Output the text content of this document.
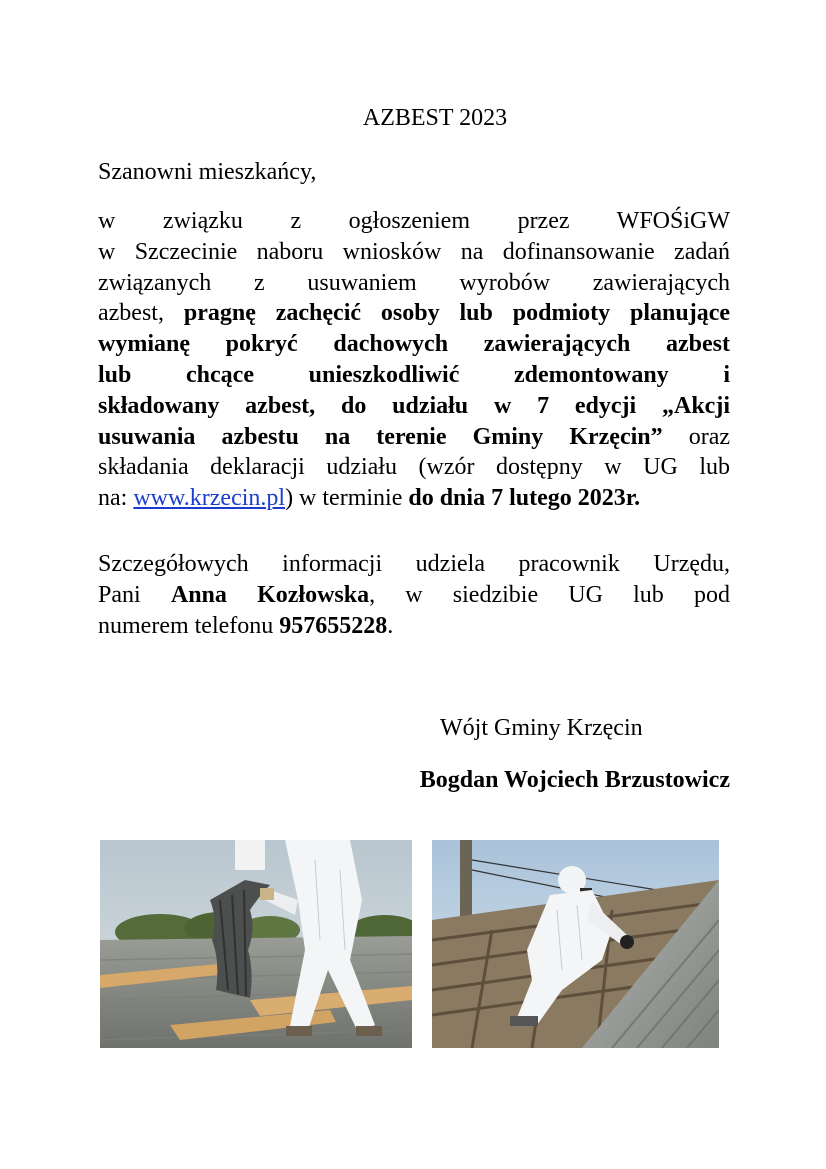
AZBEST 2023

Szanowni mieszkańcy,

w związku z ogłoszeniem przez WFOŚiGW
w Szczecinie naboru wniosków na dofinansowanie zadań
związanych z usuwaniem wyrobów zawierających
azbest, pragnę zachęcić osoby lub podmioty planujące
wymianę pokryć dachowych zawierających azbest
lub chcące unieszkodliwić zdemontowany i
składowany azbest, do udziału w 7 edycji „Akcji
usuwania azbestu na terenie Gminy Krzęcin” oraz
składania deklaracji udziału (wzór dostępny w UG lub
na: www.krzecin.pl) w terminie do dnia 7 lutego 2023r.
Szczegółowych informacji udziela pracownik Urzędu,
Pani Anna Kozłowska, w siedzibie UG lub pod
numerem telefonu 957655228.

Wójt Gminy Krzęcin

Bogdan Wojciech Brzustowicz
